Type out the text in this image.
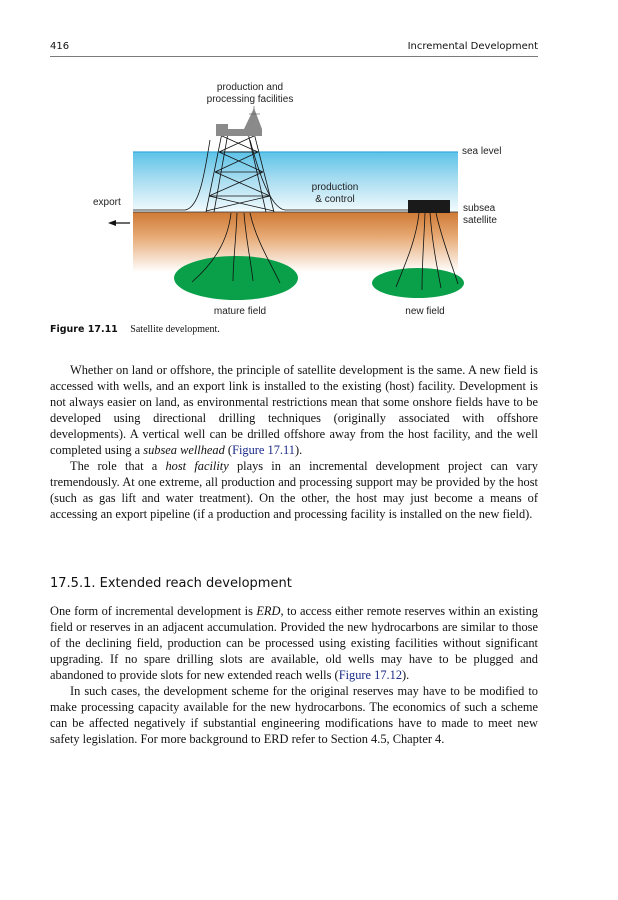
416	Incremental Development
production and
processing facilities
sea level
export
production
& control
subsea
satellite
mature field	new field
Figure 17.11 Satellite development.

Whether on land or offshore, the principle of satellite development is the same. A new field is accessed with wells, and an export link is installed to the existing (host) facility. Development is not always easier on land, as environmental restrictions mean that some onshore fields have to be developed using directional drilling techniques (originally associated with offshore developments). A vertical well can be drilled offshore away from the host facility, and the well completed using a subsea wellhead (Figure 17.11).

The role that a host facility plays in an incremental development project can vary tremendously. At one extreme, all production and processing support may be provided by the host (such as gas lift and water treatment). On the other, the host may just become a means of accessing an export pipeline (if a production and processing facility is installed on the new field).

17.5.1. Extended reach development

One form of incremental development is ERD, to access either remote reserves within an existing field or reserves in an adjacent accumulation. Provided the new hydrocarbons are similar to those of the declining field, production can be processed using existing facilities without significant upgrading. If no spare drilling slots are available, old wells may have to be plugged and abandoned to provide slots for new extended reach wells (Figure 17.12).

In such cases, the development scheme for the original reserves may have to be modified to make processing capacity available for the new hydrocarbons. The economics of such a scheme can be affected negatively if substantial engineering modifications have to made to meet new safety legislation. For more background to ERD refer to Section 4.5, Chapter 4.
